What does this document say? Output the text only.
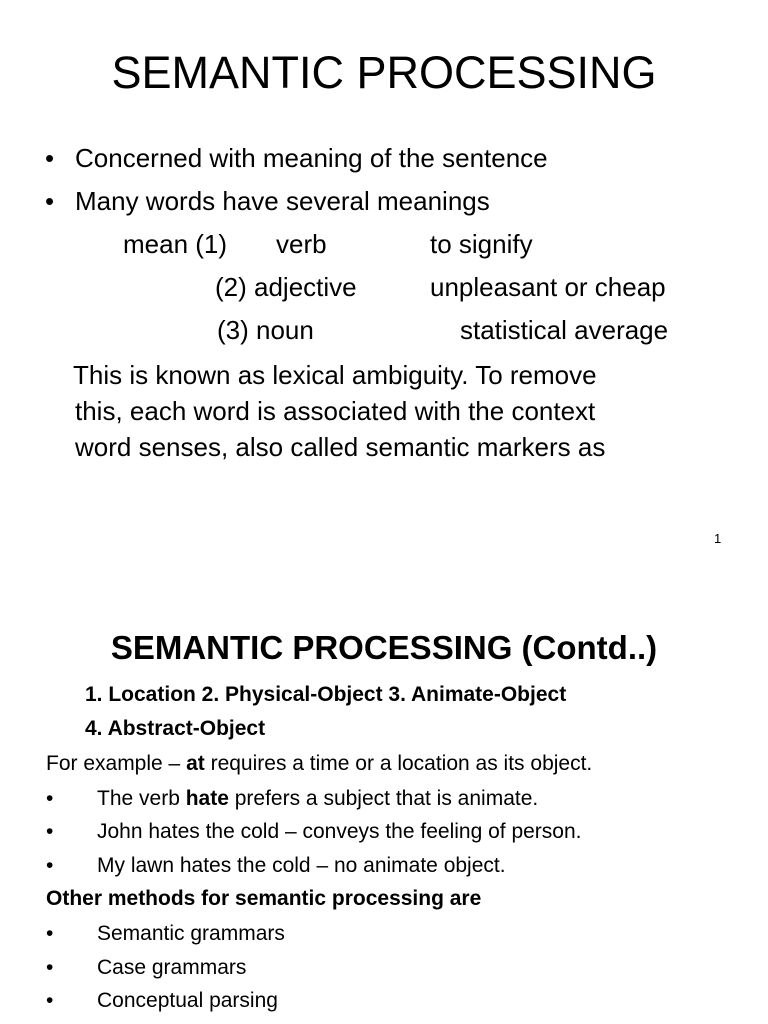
SEMANTIC PROCESSING
• Concerned with meaning of the sentence
• Many words have several meanings
mean (1) verb	to signify
(2) adjective	unpleasant or cheap
(3) noun	statistical average
This is known as lexical ambiguity. To remove
this, each word is associated with the context
word senses, also called semantic markers as
1
SEMANTIC PROCESSING (Contd..)
1. Location 2. Physical-Object 3. Animate-Object
4. Abstract-Object
For example – at requires a time or a location as its object.
• The verb hate prefers a subject that is animate.
• John hates the cold – conveys the feeling of person.
• My lawn hates the cold – no animate object.
Other methods for semantic processing are
• Semantic grammars
• Case grammars
• Conceptual parsing
